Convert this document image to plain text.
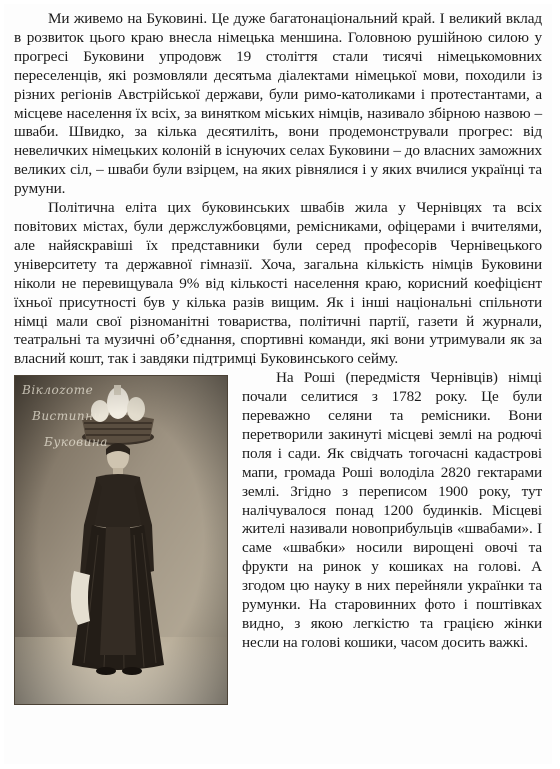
Ми живемо на Буковині. Це дуже багатонаціональний край. І великий вклад в розвиток цього краю внесла німецька меншина. Головною рушійною силою у прогресі Буковини упродовж 19 століття стали тисячі німецькомовних переселенців, які розмовляли десятьма діалектами німецької мови, походили із різних регіонів Австрійської держави, були римо-католиками і протестантами, а місцеве населення їх всіх, за винятком міських німців, називало збірною назвою – шваби. Швидко, за кілька десятиліть, вони продемонстрували прогрес: від невеличких німецьких колоній в існуючих селах Буковини – до власних заможних великих сіл, – шваби були взірцем, на яких рівнялися і у яких вчилися українці та румуни.

Політична еліта цих буковинських швабів жила у Чернівцях та всіх повітових містах, були держслужбовцями, ремісниками, офіцерами і вчителями, але найяскравіші їх представники були серед професорів Чернівецького університету та державної гімназії. Хоча, загальна кількість німців Буковини ніколи не перевищувала 9% від кількості населення краю, корисний коефіцієнт їхньої присутності був у кілька разів вищим. Як і інші національні спільноти німці мали свої різноманітні товариства, політичні партії, газети й журнали, театральні та музичні об’єднання, спортивні команди, які вони утримували як за власний кошт, так і завдяки підтримці Буковинського сейму.

Віклоzоте
Вистипни
Буковина

На Роші (передмістя Чернівців) німці почали селитися з 1782 року. Це були переважно селяни та ремісники. Вони перетворили закинуті місцеві землі на родючі поля і сади. Як свідчать тогочасні кадастрові мапи, громада Роші володіла 2820 гектарами землі. Згідно з переписом 1900 року, тут налічувалося понад 1200 будинків. Місцеві жителі називали новоприбульців «швабами». І саме «швабки» носили вирощені овочі та фрукти на ринок у кошиках на голові. А згодом цю науку в них перейняли українки та румунки. На старовинних фото і поштівках видно, з якою легкістю та грацією жінки несли на голові кошики, часом досить важкі.
